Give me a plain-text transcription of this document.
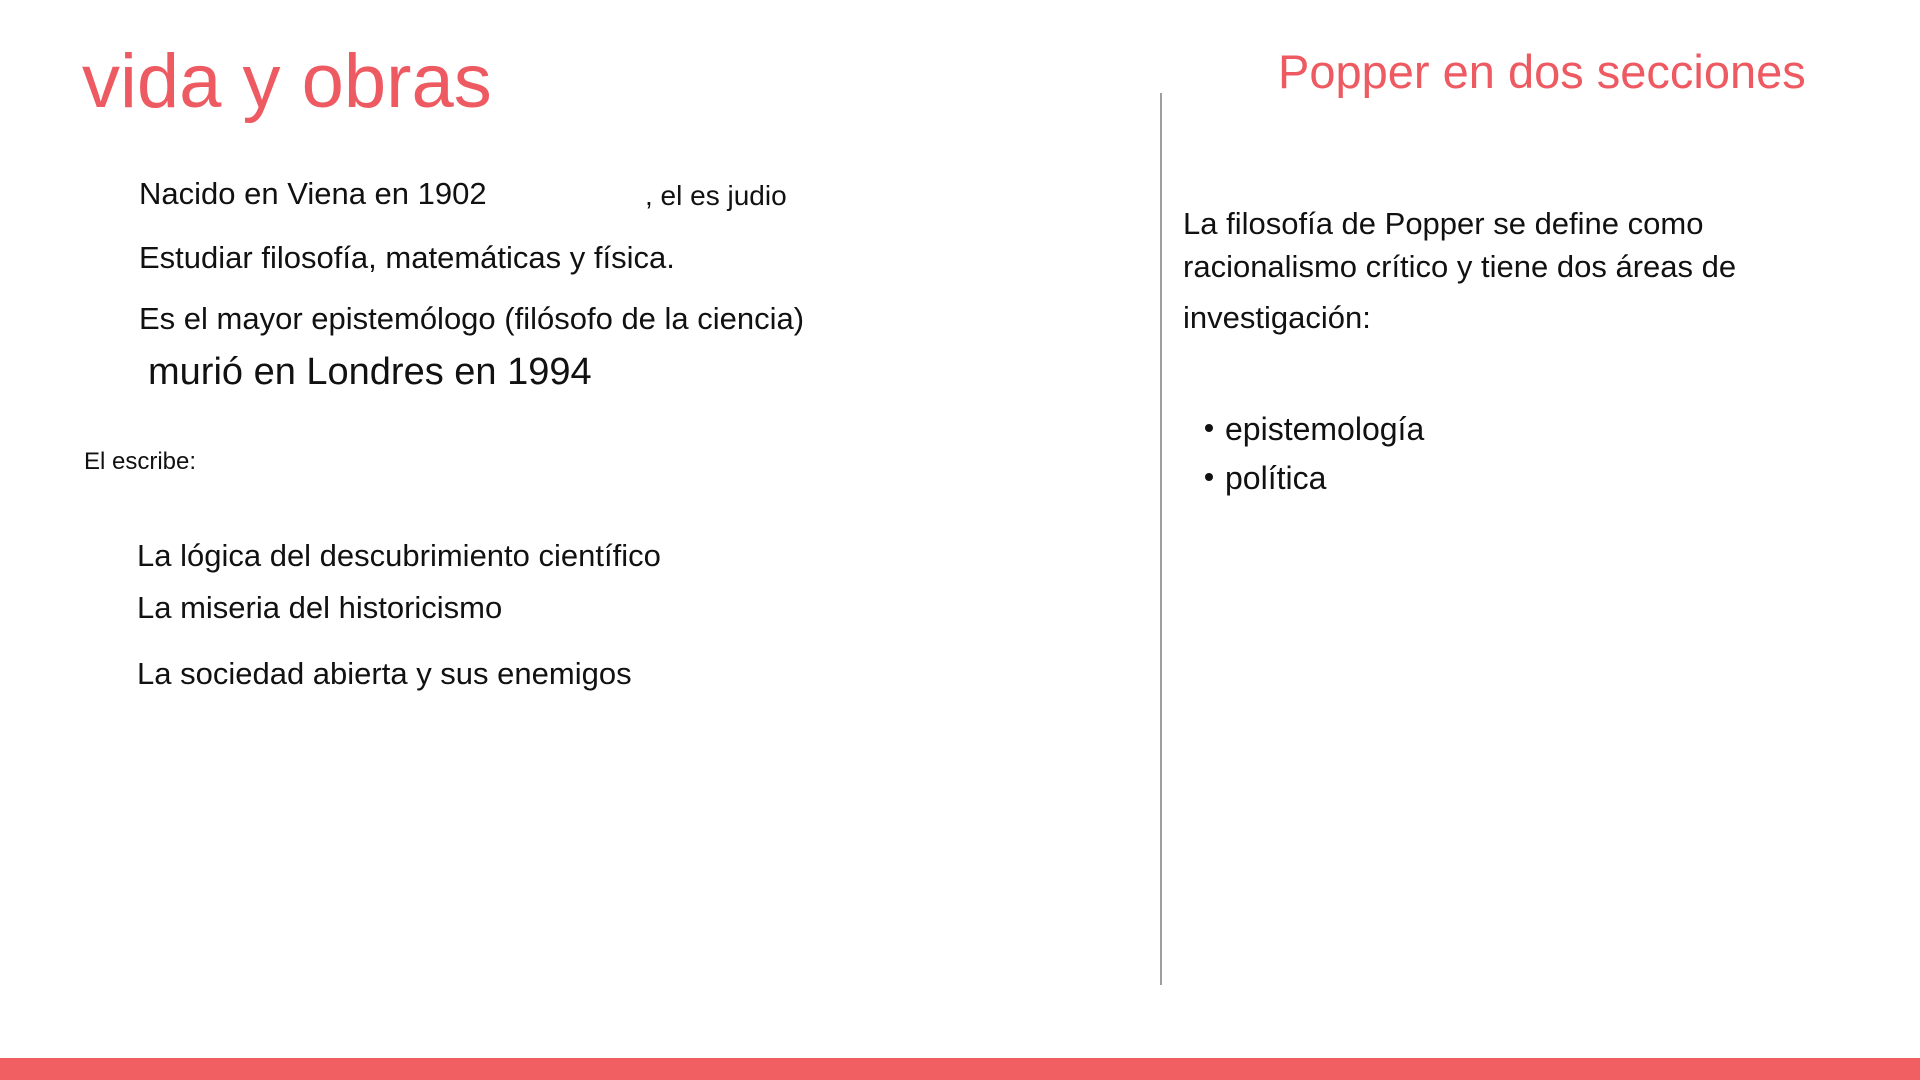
vida y obras
Nacido en Viena en 1902	, el es judio
Estudiar filosofía, matemáticas y física.
Es el mayor epistemólogo (filósofo de la ciencia)
murió en Londres en 1994
El escribe:
La lógica del descubrimiento científico
La miseria del historicismo
La sociedad abierta y sus enemigos
Popper en dos secciones
La filosofía de Popper se define como
racionalismo crítico y tiene dos áreas de
investigación:
epistemología
política
